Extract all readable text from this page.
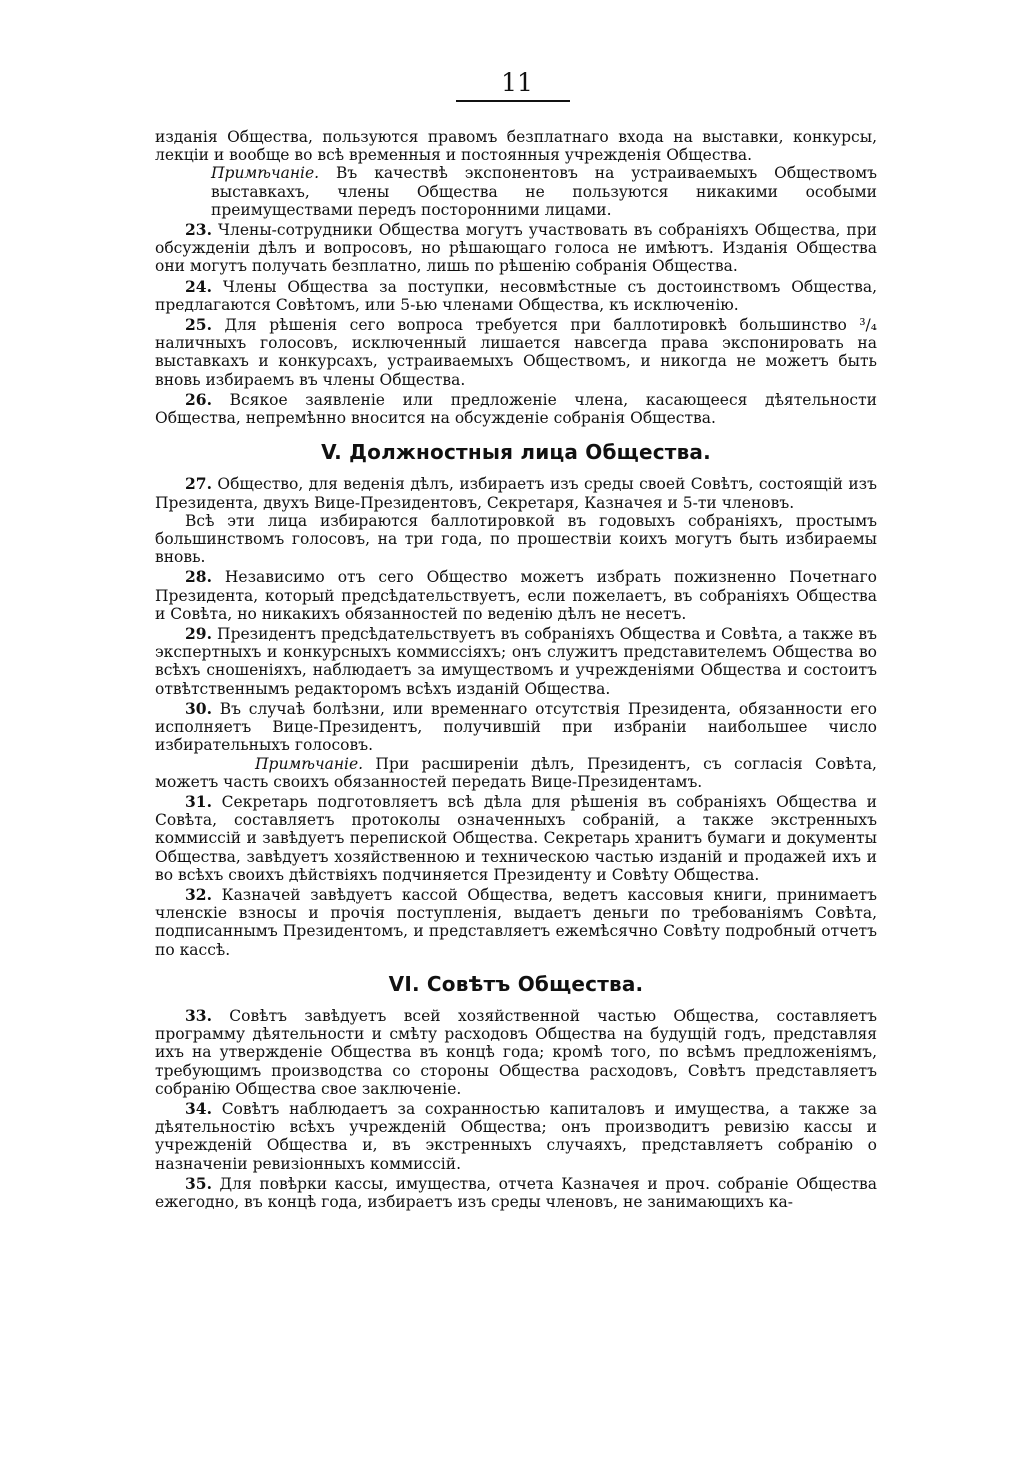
11

изданія Общества, пользуются правомъ безплатнаго входа на выставки, конкурсы, лекціи и вообще во всѣ временныя и постоянныя учрежденія Общества.

Примѣчаніе. Въ качествѣ экспонентовъ на устраиваемыхъ Обществомъ выставкахъ, члены Общества не пользуются никакими особыми преимуществами передъ посторонними лицами.

23. Члены-сотрудники Общества могутъ участвовать въ собраніяхъ Общества, при обсужденіи дѣлъ и вопросовъ, но рѣшающаго голоса не имѣютъ. Изданія Общества они могутъ получать безплатно, лишь по рѣшенію собранія Общества.

24. Члены Общества за поступки, несовмѣстные съ достоинствомъ Общества, предлагаются Совѣтомъ, или 5-ью членами Общества, къ исключенію.

25. Для рѣшенія сего вопроса требуется при баллотировкѣ большинство ³/₄ наличныхъ голосовъ, исключенный лишается навсегда права экспонировать на выставкахъ и конкурсахъ, устраиваемыхъ Обществомъ, и никогда не можетъ быть вновь избираемъ въ члены Общества.

26. Всякое заявленіе или предложеніе члена, касающееся дѣятельности Общества, непремѣнно вносится на обсужденіе собранія Общества.

V. Должностныя лица Общества.

27. Общество, для веденія дѣлъ, избираетъ изъ среды своей Совѣтъ, состоящій изъ Президента, двухъ Вице-Президентовъ, Секретаря, Казначея и 5-ти членовъ.

Всѣ эти лица избираются баллотировкой въ годовыхъ собраніяхъ, простымъ большинствомъ голосовъ, на три года, по прошествіи коихъ могутъ быть избираемы вновь.

28. Независимо отъ сего Общество можетъ избрать пожизненно Почетнаго Президента, который предсѣдательствуетъ, если пожелаетъ, въ собраніяхъ Общества и Совѣта, но никакихъ обязанностей по веденію дѣлъ не несетъ.

29. Президентъ предсѣдательствуетъ въ собраніяхъ Общества и Совѣта, а также въ экспертныхъ и конкурсныхъ коммиссіяхъ; онъ служитъ представителемъ Общества во всѣхъ сношеніяхъ, наблюдаетъ за имуществомъ и учрежденіями Общества и состоитъ отвѣтственнымъ редакторомъ всѣхъ изданій Общества.

30. Въ случаѣ болѣзни, или временнаго отсутствія Президента, обязанности его исполняетъ Вице-Президентъ, получившій при избраніи наибольшее число избирательныхъ голосовъ.

Примѣчаніе. При расширеніи дѣлъ, Президентъ, съ согласія Совѣта, можетъ часть своихъ обязанностей передать Вице-Президентамъ.

31. Секретарь подготовляетъ всѣ дѣла для рѣшенія въ собраніяхъ Общества и Совѣта, составляетъ протоколы означенныхъ собраній, а также экстренныхъ коммиссій и завѣдуетъ перепиской Общества. Секретарь хранитъ бумаги и документы Общества, завѣдуетъ хозяйственною и техническою частью изданій и продажей ихъ и во всѣхъ своихъ дѣйствіяхъ подчиняется Президенту и Совѣту Общества.

32. Казначей завѣдуетъ кассой Общества, ведетъ кассовыя книги, принимаетъ членскіе взносы и прочія поступленія, выдаетъ деньги по требованіямъ Совѣта, подписаннымъ Президентомъ, и представляетъ ежемѣсячно Совѣту подробный отчетъ по кассѣ.

VI. Совѣтъ Общества.

33. Совѣтъ завѣдуетъ всей хозяйственной частью Общества, составляетъ программу дѣятельности и смѣту расходовъ Общества на будущій годъ, представляя ихъ на утвержденіе Общества въ концѣ года; кромѣ того, по всѣмъ предложеніямъ, требующимъ производства со стороны Общества расходовъ, Совѣтъ представляетъ собранію Общества свое заключеніе.

34. Совѣтъ наблюдаетъ за сохранностью капиталовъ и имущества, а также за дѣятельностію всѣхъ учрежденій Общества; онъ производитъ ревизію кассы и учрежденій Общества и, въ экстренныхъ случаяхъ, представляетъ собранію о назначеніи ревизіонныхъ коммиссій.

35. Для повѣрки кассы, имущества, отчета Казначея и проч. собраніе Общества ежегодно, въ концѣ года, избираетъ изъ среды членовъ, не занимающихъ ка-
